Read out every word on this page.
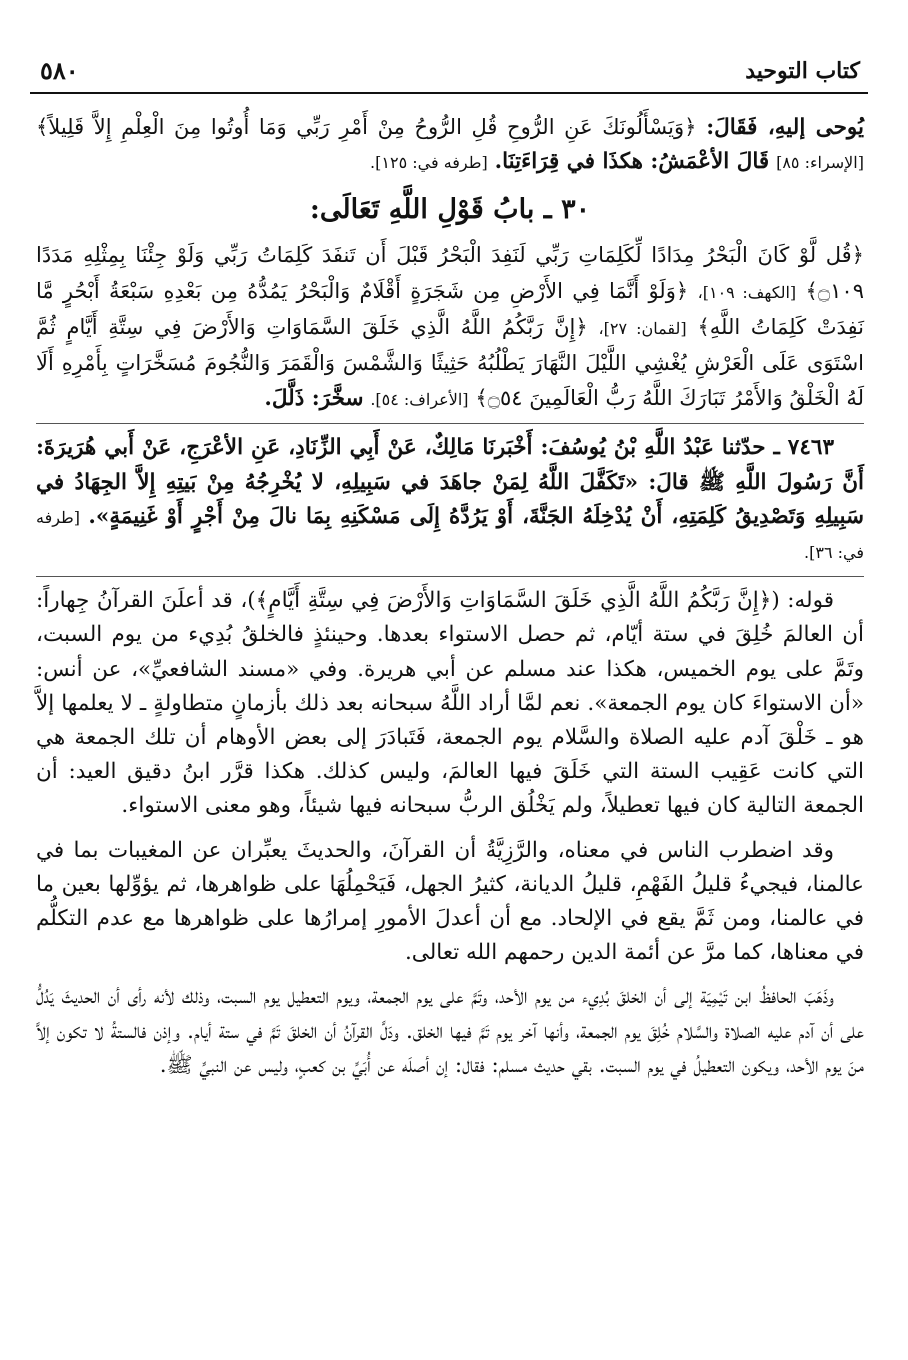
٥٨٠	كتاب التوحيد

يُوحى إليهِ، فَقَالَ: ﴿وَيَسْأَلُونَكَ عَنِ الرُّوحِ قُلِ الرُّوحُ مِنْ أَمْرِ رَبِّي وَمَا أُوتُوا مِنَ الْعِلْمِ إِلاَّ قَلِيلاً﴾ [الإسراء: ٨٥] قَالَ الأعْمَشُ: هكذَا في قِرَاءَتِنَا. [طرفه في: ١٢٥].

٣٠ ـ بابُ قَوْلِ اللَّهِ تَعَالَى:

﴿قُل لَّوْ كَانَ الْبَحْرُ مِدَادًا لِّكَلِمَاتِ رَبِّي لَنَفِدَ الْبَحْرُ قَبْلَ أَن تَنفَدَ كَلِمَاتُ رَبِّي وَلَوْ جِئْنَا بِمِثْلِهِ مَدَدًا ۝١٠٩﴾ [الكهف: ١٠٩]، ﴿وَلَوْ أَنَّمَا فِي الأَرْضِ مِن شَجَرَةٍ أَقْلَامٌ وَالْبَحْرُ يَمُدُّهُ مِن بَعْدِهِ سَبْعَةُ أَبْحُرٍ مَّا نَفِدَتْ كَلِمَاتُ اللَّهِ﴾ [لقمان: ٢٧]، ﴿إِنَّ رَبَّكُمُ اللَّهُ الَّذِي خَلَقَ السَّمَاوَاتِ وَالأَرْضَ فِي سِتَّةِ أَيَّامٍ ثُمَّ اسْتَوَى عَلَى الْعَرْشِ يُغْشِي اللَّيْلَ النَّهَارَ يَطْلُبُهُ حَثِيثًا وَالشَّمْسَ وَالْقَمَرَ وَالنُّجُومَ مُسَخَّرَاتٍ بِأَمْرِهِ أَلَا لَهُ الْخَلْقُ وَالأَمْرُ تَبَارَكَ اللَّهُ رَبُّ الْعَالَمِينَ ۝٥٤﴾ [الأعراف: ٥٤]. سخَّرَ: ذَلَّلَ.

٧٤٦٣ ـ حدّثنا عَبْدُ اللَّهِ بْنُ يُوسُفَ: أَخْبَرنَا مَالِكٌ، عَنْ أَبِي الزِّنَادِ، عَنِ الأعْرَجِ، عَنْ أَبي هُرَيرَةَ: أَنَّ رَسُولَ اللَّهِ ﷺ قالَ: «تَكَفَّلَ اللَّهُ لِمَنْ جاهَدَ في سَبِيلِهِ، لا يُخْرِجُهُ مِنْ بَيتِهِ إِلاَّ الجِهَادُ في سَبِيلِهِ وَتَصْدِيقُ كَلِمَتِهِ، أَنْ يُدْخِلَهُ الجَنَّةَ، أَوْ يَرُدَّهُ إِلَى مَسْكَنِهِ بِمَا نالَ مِنْ أَجْرٍ أَوْ غَنِيمَةٍ». [طرفه في: ٣٦].

قوله: (﴿إِنَّ رَبَّكُمُ اللَّهُ الَّذِي خَلَقَ السَّمَاوَاتِ وَالأَرْضَ فِي سِتَّةِ أَيَّامٍ﴾)، قد أعلَنَ القرآنُ جِهاراً: أن العالمَ خُلِقَ في ستة أيّام، ثم حصل الاستواء بعدها. وحينئذٍ فالخلقُ بُدِيء من يوم السبت، وتَمَّ على يوم الخميس، هكذا عند مسلم عن أبي هريرة. وفي «مسند الشافعيِّ»، عن أنس: «أن الاستواءَ كان يوم الجمعة». نعم لمَّا أراد اللَّهُ سبحانه بعد ذلك بأزمانٍ متطاولةٍ ـ لا يعلمها إلاَّ هو ـ خَلْقَ آدم عليه الصلاة والسَّلام يوم الجمعة، فَتَبادَرَ إلى بعض الأوهام أن تلك الجمعة هي التي كانت عَقِيب الستة التي خَلَقَ فيها العالمَ، وليس كذلك. هكذا قرَّر ابنُ دقيق العيد: أن الجمعة التالية كان فيها تعطيلاً، ولم يَخْلُق الربُّ سبحانه فيها شيئاً، وهو معنى الاستواء.

وقد اضطرب الناس في معناه، والرَّزِيَّةُ أن القرآنَ، والحديثَ يعبِّران عن المغيبات بما في عالمنا، فيجيءُ قليلُ الفَهْمِ، قليلُ الديانة، كثيرُ الجهل، فَيَحْمِلُهَا على ظواهرها، ثم يؤوِّلها بعين ما في عالمنا، ومن ثَمَّ يقع في الإلحاد. مع أن أعدلَ الأمورِ إمرارُها على ظواهرها مع عدم التكلُّم في معناها، كما مرَّ عن أئمة الدين رحمهم الله تعالى.

وذَهَبَ الحافظُ ابن تَيْمِيَة إلى أن الخلقَ بُدِيء من يوم الأحد، وتَمَّ على يوم الجمعة، ويوم التعطيل يوم السبت، وذلك لأنه رأى أن الحديثَ يَدُلُّ على أن آدم عليه الصلاة والسَّلام خُلِقَ يوم الجمعة، وأنها آخر يوم تَمَّ فيها الخلق. ودَلَّ القرآنُ أن الخلقَ تَمَّ في ستة أيام. وإذن فالستةُ لا تكون إلاَّ منَ يوم الأحد، ويكون التعطيلُ في يوم السبت. بقي حديث مسلم: فقال: إن أصلَه عن أُبَيِّ بن كعبٍ، وليس عن النبيِّ ﷺ.
